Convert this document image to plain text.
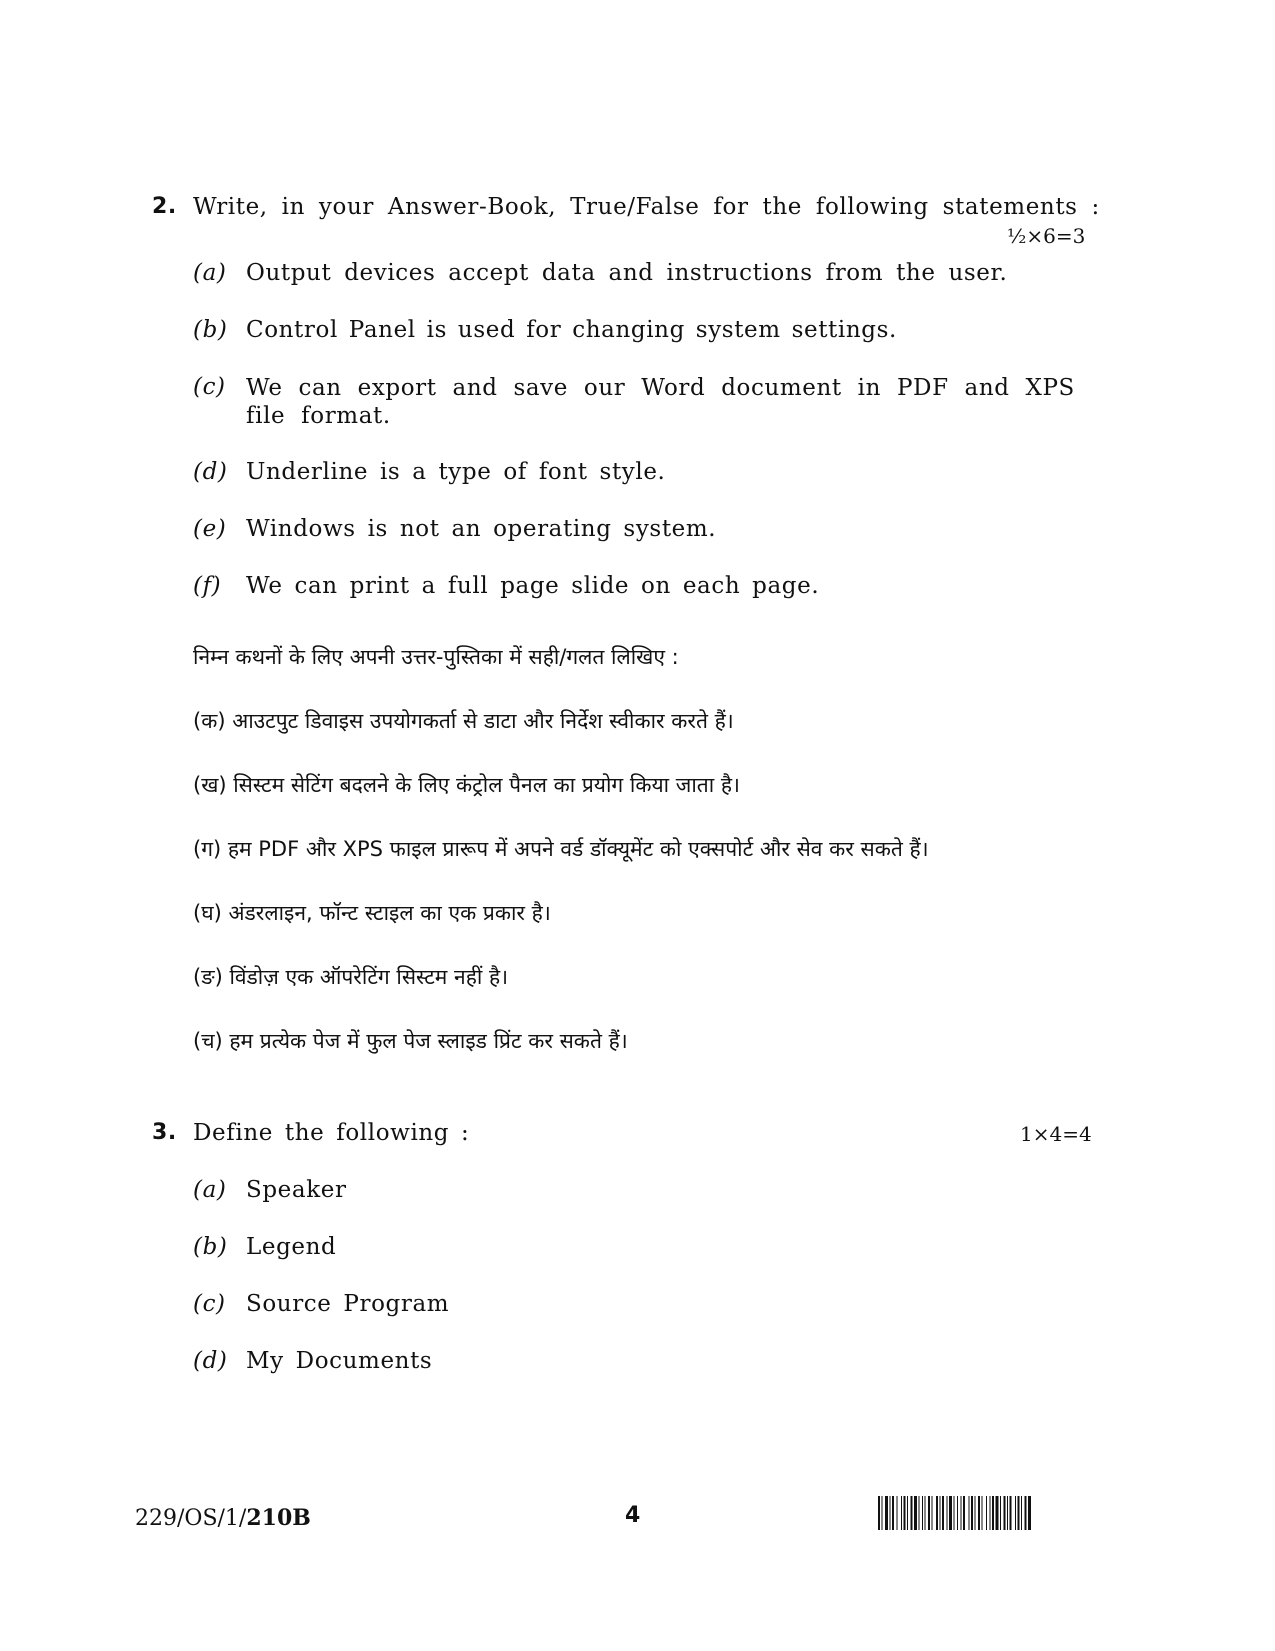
2. Write, in your Answer-Book, True/False for the following statements :
½×6=3
(a) Output devices accept data and instructions from the user.
(b) Control Panel is used for changing system settings.
(c) We can export and save our Word document in PDF and XPS file format.
(d) Underline is a type of font style.
(e) Windows is not an operating system.
(f) We can print a full page slide on each page.
निम्न कथनों के लिए अपनी उत्तर-पुस्तिका में सही/गलत लिखिए :
(क) आउटपुट डिवाइस उपयोगकर्ता से डाटा और निर्देश स्वीकार करते हैं।
(ख) सिस्टम सेटिंग बदलने के लिए कंट्रोल पैनल का प्रयोग किया जाता है।
(ग) हम PDF और XPS फाइल प्रारूप में अपने वर्ड डॉक्यूमेंट को एक्सपोर्ट और सेव कर सकते हैं।
(घ) अंडरलाइन, फॉन्ट स्टाइल का एक प्रकार है।
(ङ) विंडोज़ एक ऑपरेटिंग सिस्टम नहीं है।
(च) हम प्रत्येक पेज में फुल पेज स्लाइड प्रिंट कर सकते हैं।
3. Define the following :	1×4=4
(a) Speaker
(b) Legend
(c) Source Program
(d) My Documents
229/OS/1/210B	4
